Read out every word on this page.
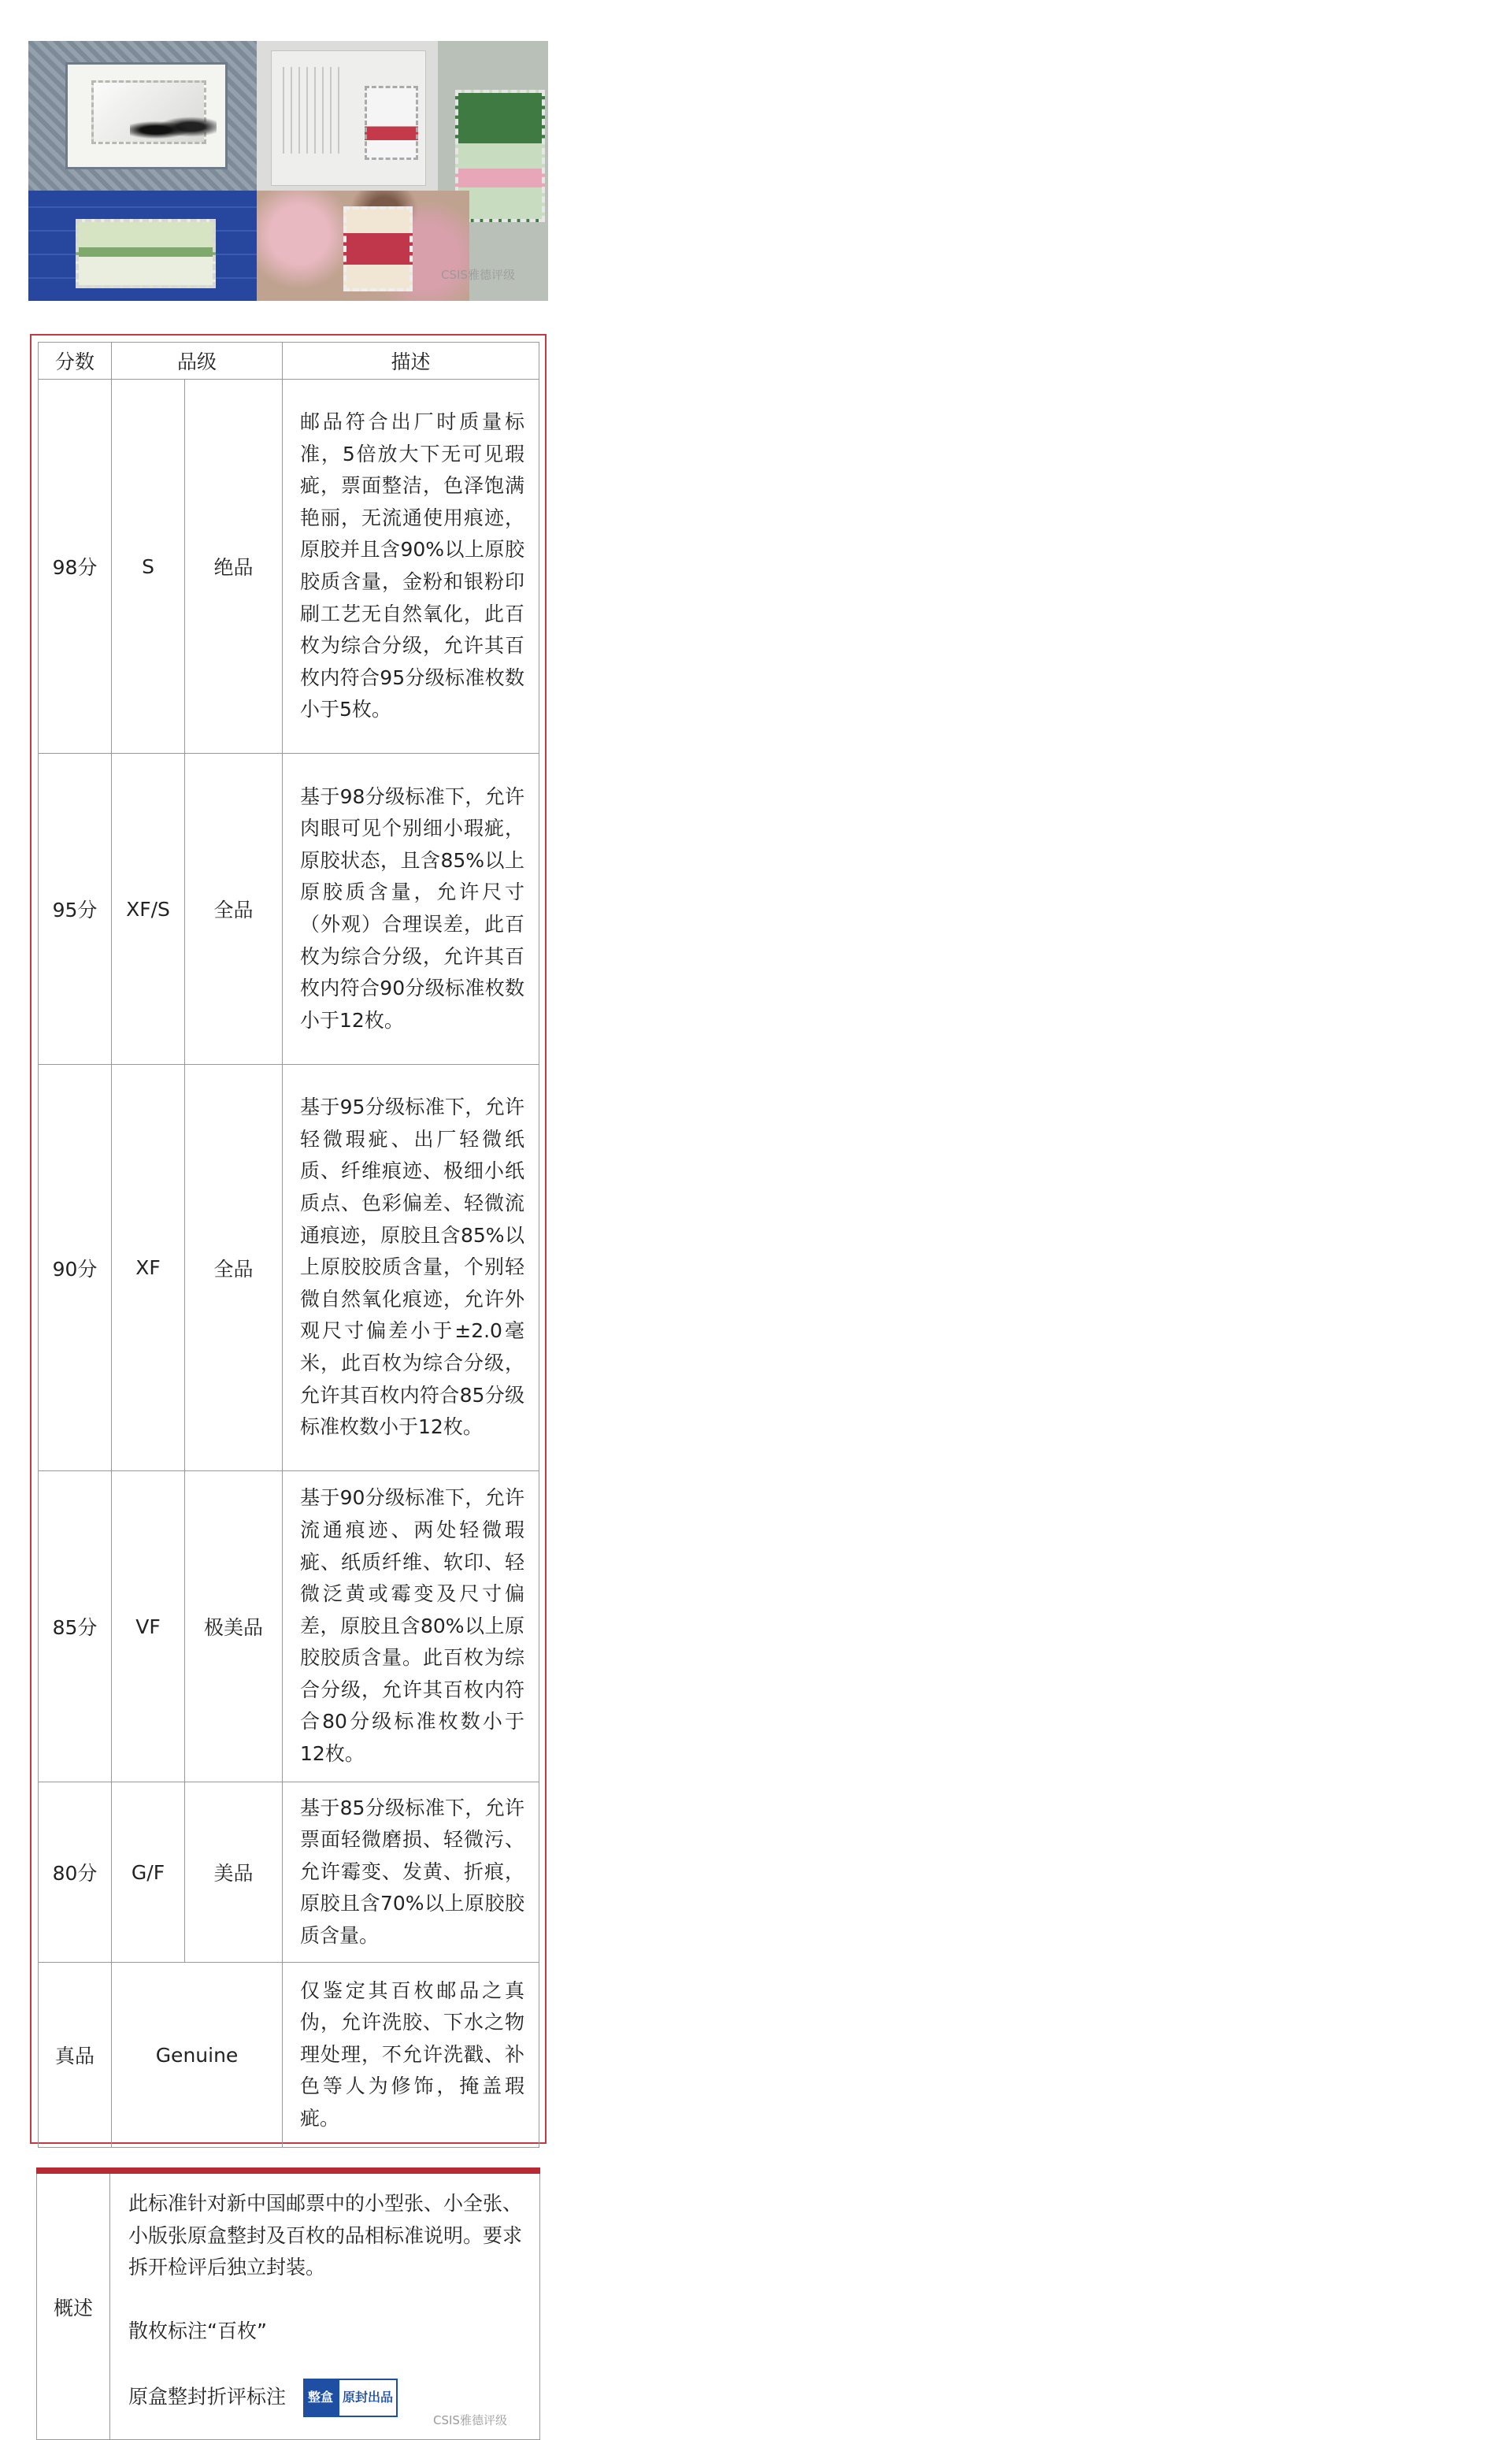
CSIS雅德评级
分数	品级		描述
98分	S	绝品	邮品符合出厂时质量标准，5倍放大下无可见瑕疵，票面整洁，色泽饱满艳丽，无流通使用痕迹，原胶并且含90%以上原胶胶质含量，金粉和银粉印刷工艺无自然氧化，此百枚为综合分级，允许其百枚内符合95分级标准枚数小于5枚。
95分	XF/S	全品	基于98分级标准下，允许肉眼可见个别细小瑕疵，原胶状态，且含85%以上原胶质含量，允许尺寸（外观）合理误差，此百枚为综合分级，允许其百枚内符合90分级标准枚数小于12枚。
90分	XF	全品	基于95分级标准下，允许轻微瑕疵、出厂轻微纸质、纤维痕迹、极细小纸质点、色彩偏差、轻微流通痕迹，原胶且含85%以上原胶胶质含量，个别轻微自然氧化痕迹，允许外观尺寸偏差小于±2.0毫米，此百枚为综合分级，允许其百枚内符合85分级标准枚数小于12枚。
85分	VF	极美品	基于90分级标准下，允许流通痕迹、两处轻微瑕疵、纸质纤维、软印、轻微泛黄或霉变及尺寸偏差，原胶且含80%以上原胶胶质含量。此百枚为综合分级，允许其百枚内符合80分级标准枚数小于12枚。
80分	G/F	美品	基于85分级标准下，允许票面轻微磨损、轻微污、允许霉变、发黄、折痕，原胶且含70%以上原胶胶质含量。
真品	Genuine		仅鉴定其百枚邮品之真伪，允许洗胶、下水之物理处理，不允许洗戳、补色等人为修饰，掩盖瑕疵。
概述

此标准针对新中国邮票中的小型张、小全张、小版张原盒整封及百枚的品相标准说明。要求拆开检评后独立封装。

散枚标注“百枚”

原盒整封折评标注	整盒 原封出品

CSIS雅德评级
